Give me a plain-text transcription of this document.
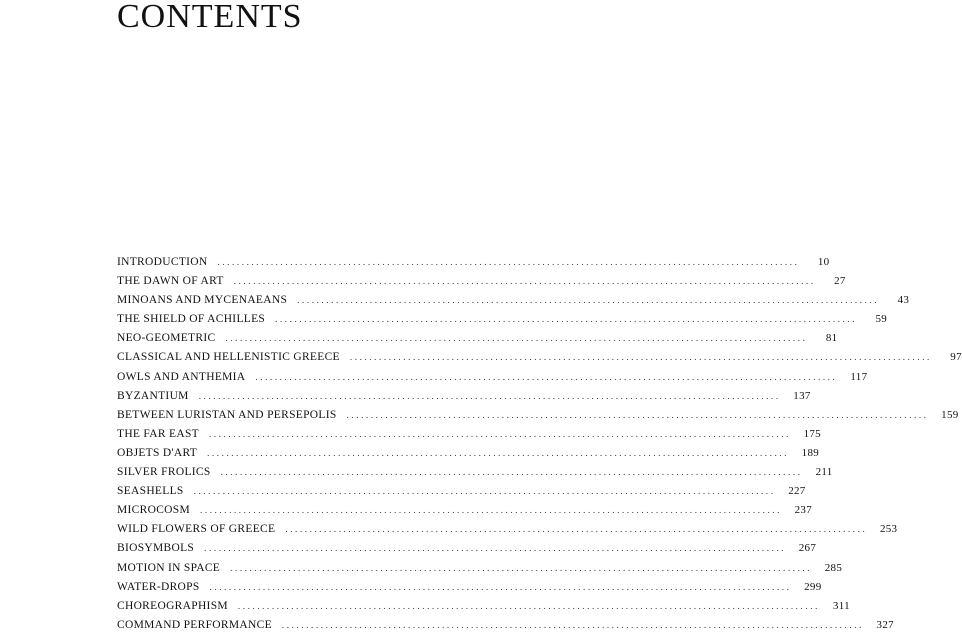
CONTENTS
INTRODUCTION ........................................................................................................................	10
THE DAWN OF ART ........................................................................................................................	27
MINOANS AND MYCENAEANS ........................................................................................................................	43
THE SHIELD OF ACHILLES ........................................................................................................................	59
NEO-GEOMETRIC ........................................................................................................................	81
CLASSICAL AND HELLENISTIC GREECE ........................................................................................................................	97
OWLS AND ANTHEMIA ........................................................................................................................	117
BYZANTIUM ........................................................................................................................	137
BETWEEN LURISTAN AND PERSEPOLIS ........................................................................................................................	159
THE FAR EAST ........................................................................................................................	175
OBJETS D'ART ........................................................................................................................	189
SILVER FROLICS ........................................................................................................................	211
SEASHELLS ........................................................................................................................	227
MICROCOSM ........................................................................................................................	237
WILD FLOWERS OF GREECE ........................................................................................................................	253
BIOSYMBOLS ........................................................................................................................	267
MOTION IN SPACE ........................................................................................................................	285
WATER-DROPS ........................................................................................................................	299
CHOREOGRAPHISM ........................................................................................................................	311
COMMAND PERFORMANCE ........................................................................................................................	327
